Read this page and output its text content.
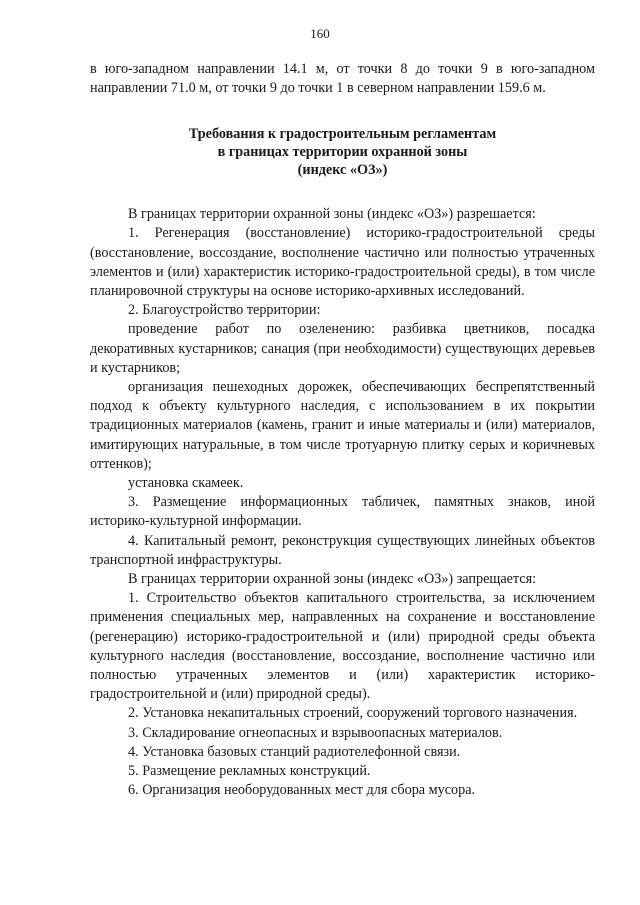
160

в юго-западном направлении 14.1 м, от точки 8 до точки 9 в юго-западном направлении 71.0 м, от точки 9 до точки 1 в северном направлении 159.6 м.

Требования к градостроительным регламентам
в границах территории охранной зоны
(индекс «ОЗ»)

В границах территории охранной зоны (индекс «ОЗ») разрешается:

1. Регенерация (восстановление) историко-градостроительной среды (восстановление, воссоздание, восполнение частично или полностью утраченных элементов и (или) характеристик историко-градостроительной среды), в том числе планировочной структуры на основе историко-архивных исследований.

2. Благоустройство территории:

проведение работ по озеленению: разбивка цветников, посадка декоративных кустарников; санация (при необходимости) существующих деревьев и кустарников;

организация пешеходных дорожек, обеспечивающих беспрепятственный подход к объекту культурного наследия, с использованием в их покрытии традиционных материалов (камень, гранит и иные материалы и (или) материалов, имитирующих натуральные, в том числе тротуарную плитку серых и коричневых оттенков);

установка скамеек.

3. Размещение информационных табличек, памятных знаков, иной историко-культурной информации.

4. Капитальный ремонт, реконструкция существующих линейных объектов транспортной инфраструктуры.

В границах территории охранной зоны (индекс «ОЗ») запрещается:

1. Строительство объектов капитального строительства, за исключением применения специальных мер, направленных на сохранение и восстановление (регенерацию) историко-градостроительной и (или) природной среды объекта культурного наследия (восстановление, воссоздание, восполнение частично или полностью утраченных элементов и (или) характеристик историко-градостроительной и (или) природной среды).

2. Установка некапитальных строений, сооружений торгового назначения.

3. Складирование огнеопасных и взрывоопасных материалов.

4. Установка базовых станций радиотелефонной связи.

5. Размещение рекламных конструкций.

6. Организация необорудованных мест для сбора мусора.
